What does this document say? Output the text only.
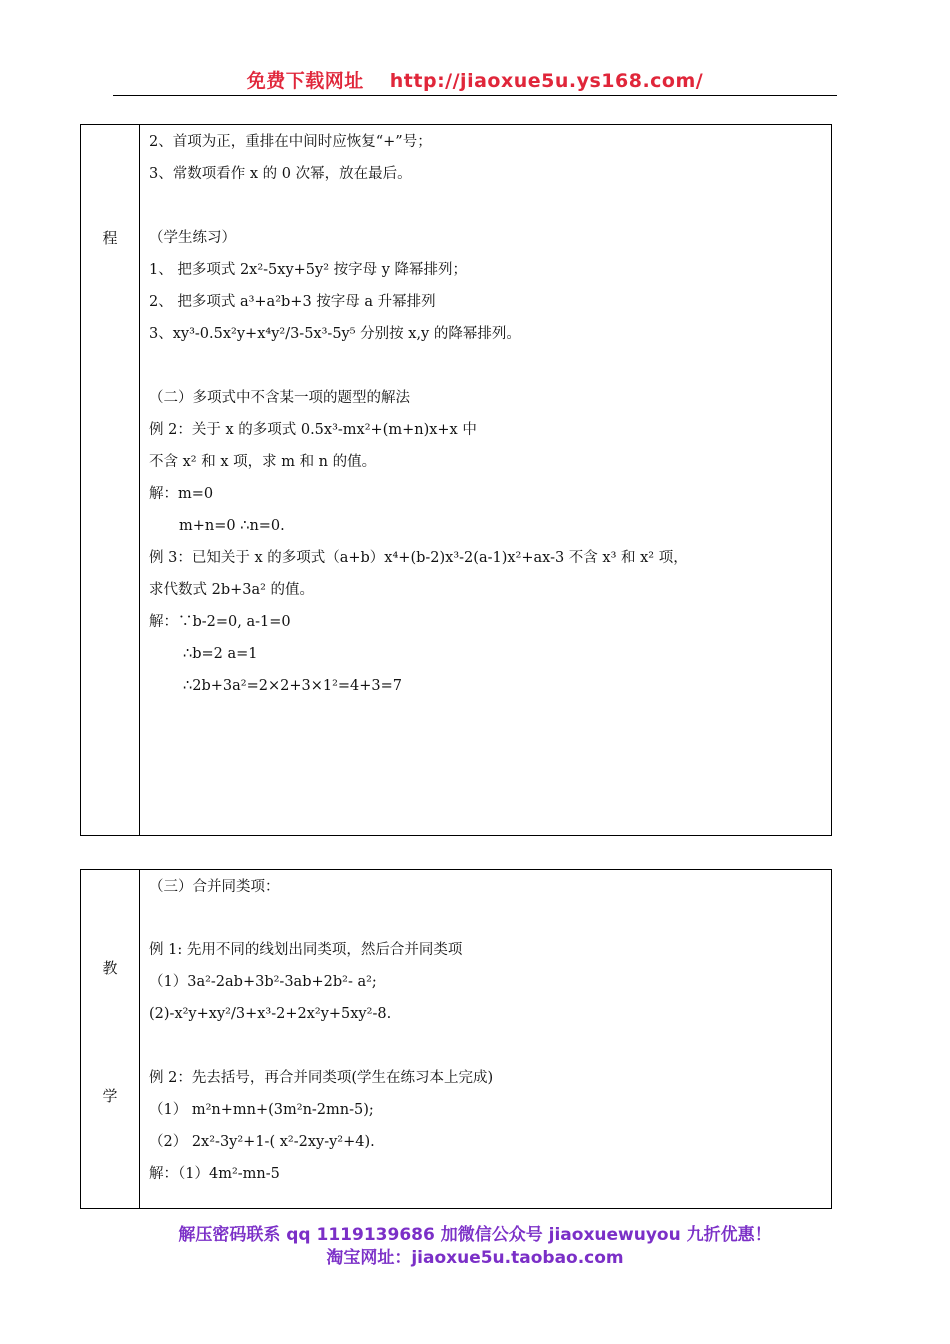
免费下载网址 http://jiaoxue5u.ys168.com/
程
2、首项为正，重排在中间时应恢复“+”号；
3、常数项看作 x 的 0 次幂，放在最后。
（学生练习）
1、 把多项式 2x²-5xy+5y² 按字母 y 降幂排列；
2、 把多项式 a³+a²b+3 按字母 a 升幂排列
3、xy³-0.5x²y+x⁴y²/3-5x³-5y⁵ 分别按 x,y 的降幂排列。
（二）多项式中不含某一项的题型的解法
例 2：关于 x 的多项式 0.5x³-mx²+(m+n)x+x 中
不含 x² 和 x 项，求 m 和 n 的值。
解：m=0
m+n=0 ∴n=0.
例 3：已知关于 x 的多项式（a+b）x⁴+(b-2)x³-2(a-1)x²+ax-3 不含 x³ 和 x² 项，
求代数式 2b+3a² 的值。
解：∵b-2=0, a-1=0
∴b=2 a=1
∴2b+3a²=2×2+3×1²=4+3=7
教
学
（三）合并同类项：
例 1: 先用不同的线划出同类项，然后合并同类项
（1）3a²-2ab+3b²-3ab+2b²- a²;
(2)-x²y+xy²/3+x³-2+2x²y+5xy²-8.
例 2：先去括号，再合并同类项(学生在练习本上完成)
（1） m²n+mn+(3m²n-2mn-5);
（2） 2x²-3y²+1-( x²-2xy-y²+4).
解：（1）4m²-mn-5
解压密码联系 qq 1119139686 加微信公众号 jiaoxuewuyou 九折优惠！
淘宝网址：jiaoxue5u.taobao.com
